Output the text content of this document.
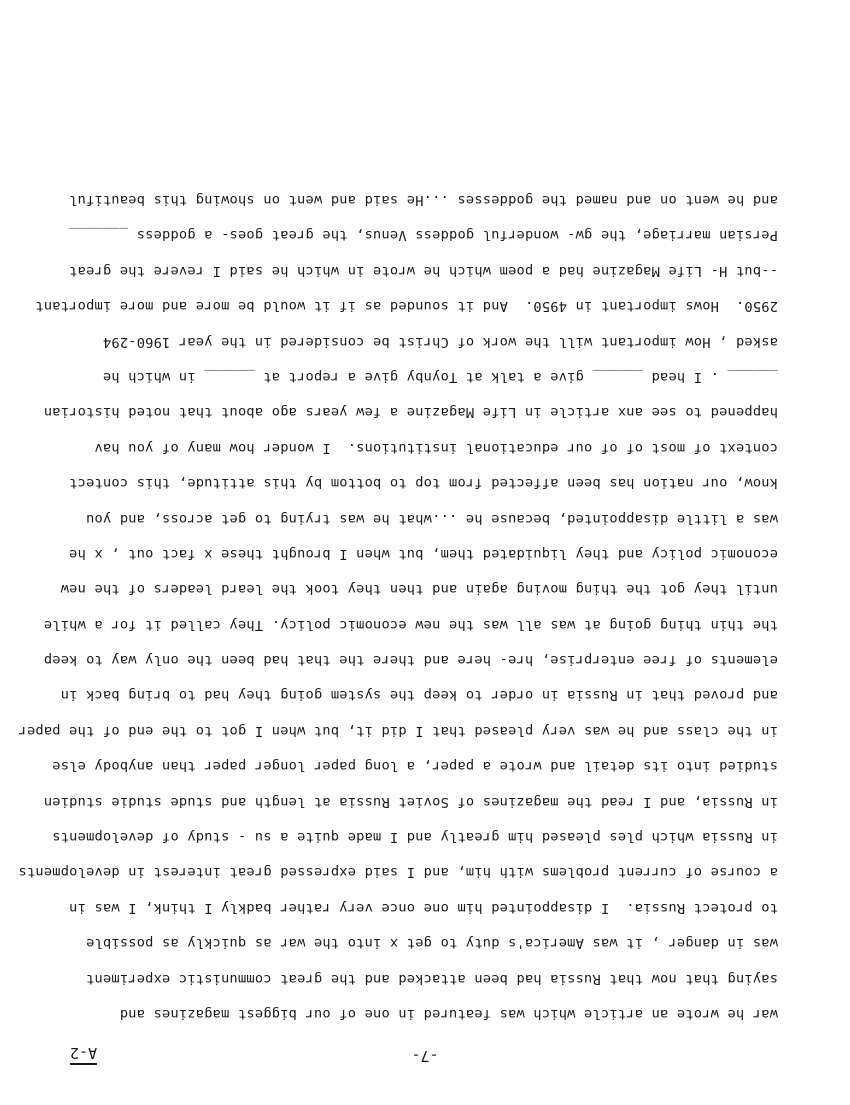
-7-
A-2
war he wrote an article which was featured in one of our biggest magazines and
saying that now that Russia had been attacked and the great communistic experiment
was in danger , it was America's duty to get x into the war as quickly as possible
to protect Russia.  I disappointed him one once very rather badkly I think, I was in
a course of current problems with him, and I said expressed great interest in developments
in Russia which ples pleased him greatly and I made quite a su - study of developments
in Russia, and I read the magazines of Soviet Russia at length and stude studie studien
studied into its detail and wrote a paper, a long paper longer paper than anybody else
in the class and he was very pleased that I did it, but when I got to the end of the paper
and proved that in Russia in order to keep the system going they had to bring back in
elements of free enterprise, hre- here and there the that had been the only way to keep
the thin thing going at was all was the new economic policy. They called it for a while
until they got the thing moving again and then they took the leard leaders of the new
economic policy and they liquidated them, but when I brought these x fact out , x he
was a little disappointed, because he ...what he was trying to get across, and you
know, our nation has been affected from top to bottom by this attitude, this contect
context of most of of our educational institutions.  I wonder how many of you hav
happened to see anx article in Life Magazine a few years ago about that noted historian
______ . I head ______ give a talk at Toynby give a report at ______ in which he
asked , How important will the work of Christ be considered in the year 1960-294
2950.  Hows important in 4950.  And it sounded as if it would be more and more important
--but H- Life Magazine had a poem which he wrote in which he said I revere the great
Persian marriage, the gw- wonderful goddess Venus, the great goes- a goddess _______
and he went on and named the goddesses ...He said and went on showing this beautiful
